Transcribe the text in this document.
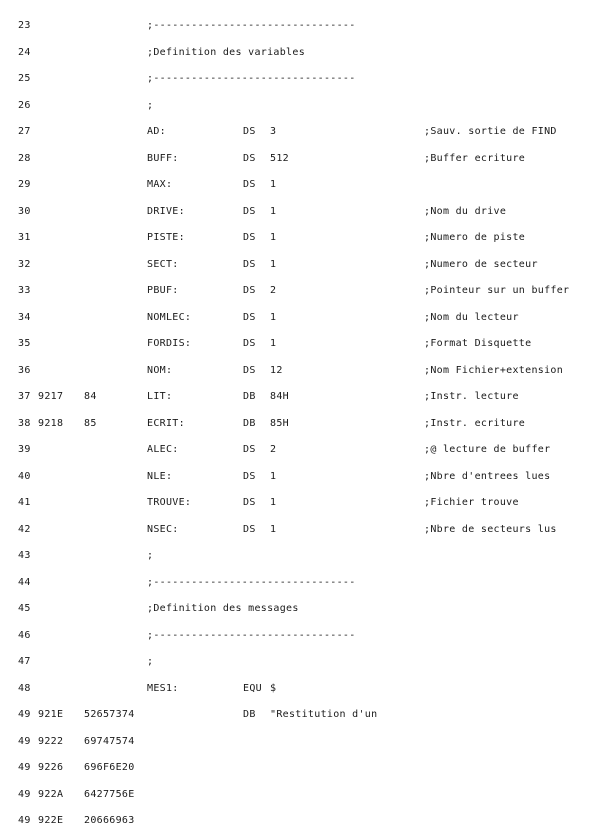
23	;--------------------------------
24	;Definition des variables
25	;--------------------------------
26	;
27	AD:	DS 3	;Sauv. sortie de FIND
28	BUFF:	DS 512	;Buffer ecriture
29	MAX:	DS 1
30	DRIVE:	DS 1	;Nom du drive
31	PISTE:	DS 1	;Numero de piste
32	SECT:	DS 1	;Numero de secteur
33	PBUF:	DS 2	;Pointeur sur un buffer
34	NOMLEC:	DS 1	;Nom du lecteur
35	FORDIS:	DS 1	;Format Disquette
36	NOM:	DS 12	;Nom Fichier+extension
37 9217 84	LIT:	DB 84H	;Instr. lecture
38 9218 85	ECRIT:	DB 85H	;Instr. ecriture
39	ALEC:	DS 2	;@ lecture de buffer
40	NLE:	DS 1	;Nbre d'entrees lues
41	TROUVE:	DS 1	;Fichier trouve
42	NSEC:	DS 1	;Nbre de secteurs lus
43	;
44	;--------------------------------
45	;Definition des messages
46	;--------------------------------
47	;
48	MES1:	EQU $
49 921E 52657374	DB "Restitution d'un
49 9222 69747574
49 9226 696F6E20
49 922A 6427756E
49 922E 20666963
